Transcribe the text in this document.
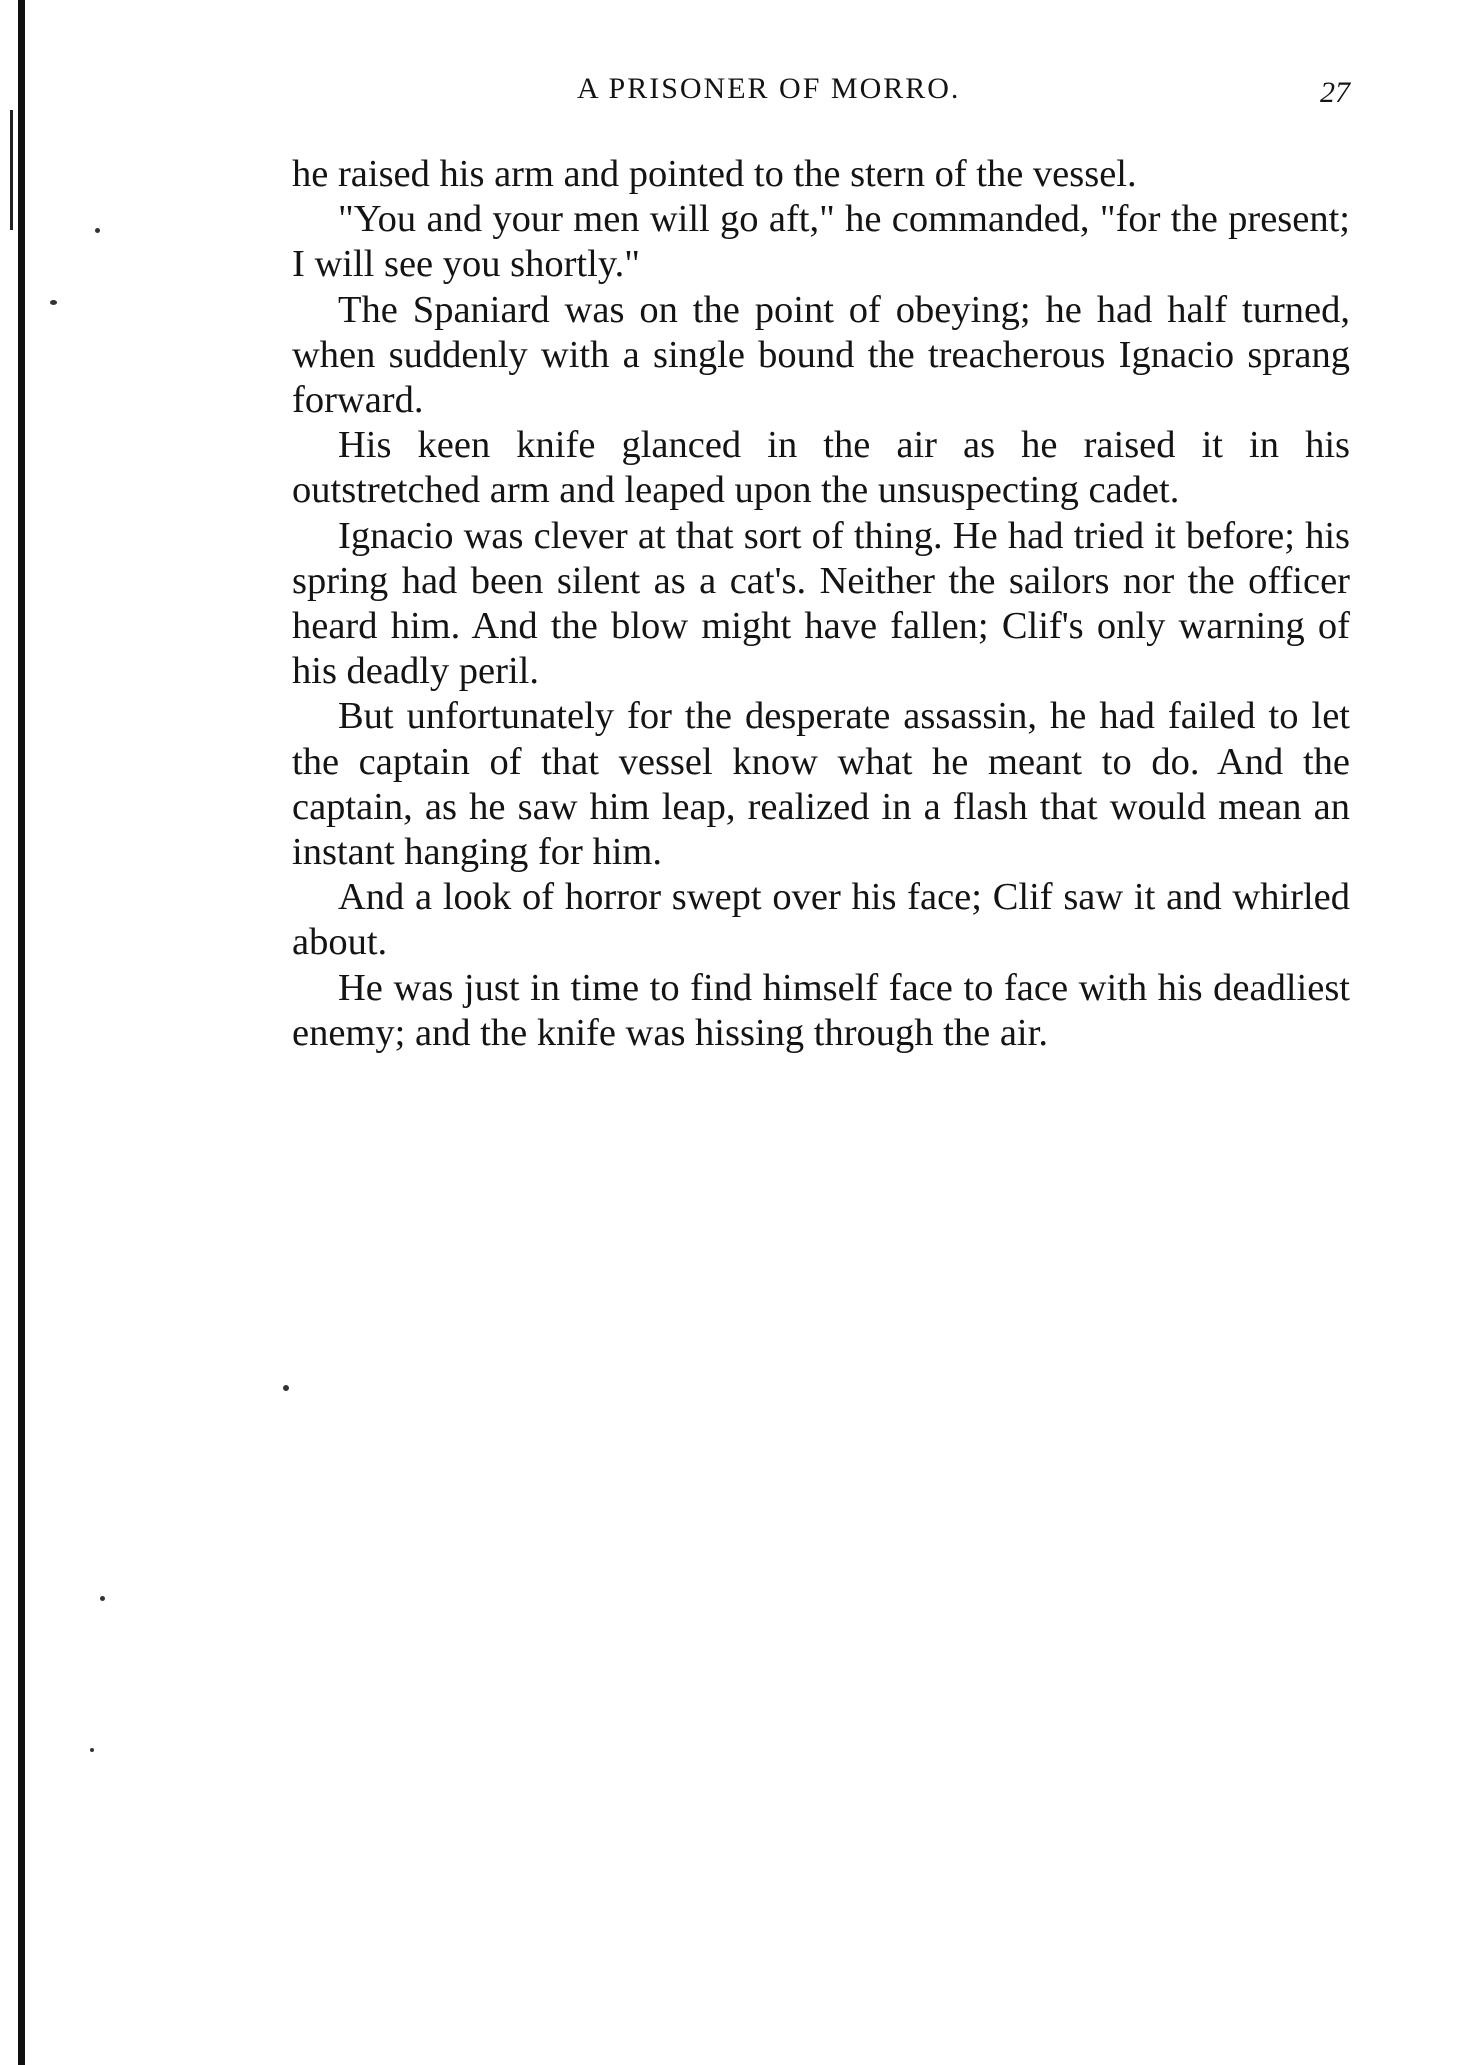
A PRISONER OF MORRO.	27

he raised his arm and pointed to the stern of the vessel.

"You and your men will go aft," he commanded, "for the present; I will see you shortly."

The Spaniard was on the point of obeying; he had half turned, when suddenly with a single bound the treacherous Ignacio sprang forward.

His keen knife glanced in the air as he raised it in his outstretched arm and leaped upon the unsuspecting cadet.

Ignacio was clever at that sort of thing. He had tried it before; his spring had been silent as a cat's. Neither the sailors nor the officer heard him. And the blow might have fallen; Clif's only warning of his deadly peril.

But unfortunately for the desperate assassin, he had failed to let the captain of that vessel know what he meant to do. And the captain, as he saw him leap, realized in a flash that would mean an instant hanging for him.

And a look of horror swept over his face; Clif saw it and whirled about.

He was just in time to find himself face to face with his deadliest enemy; and the knife was hissing through the air.
